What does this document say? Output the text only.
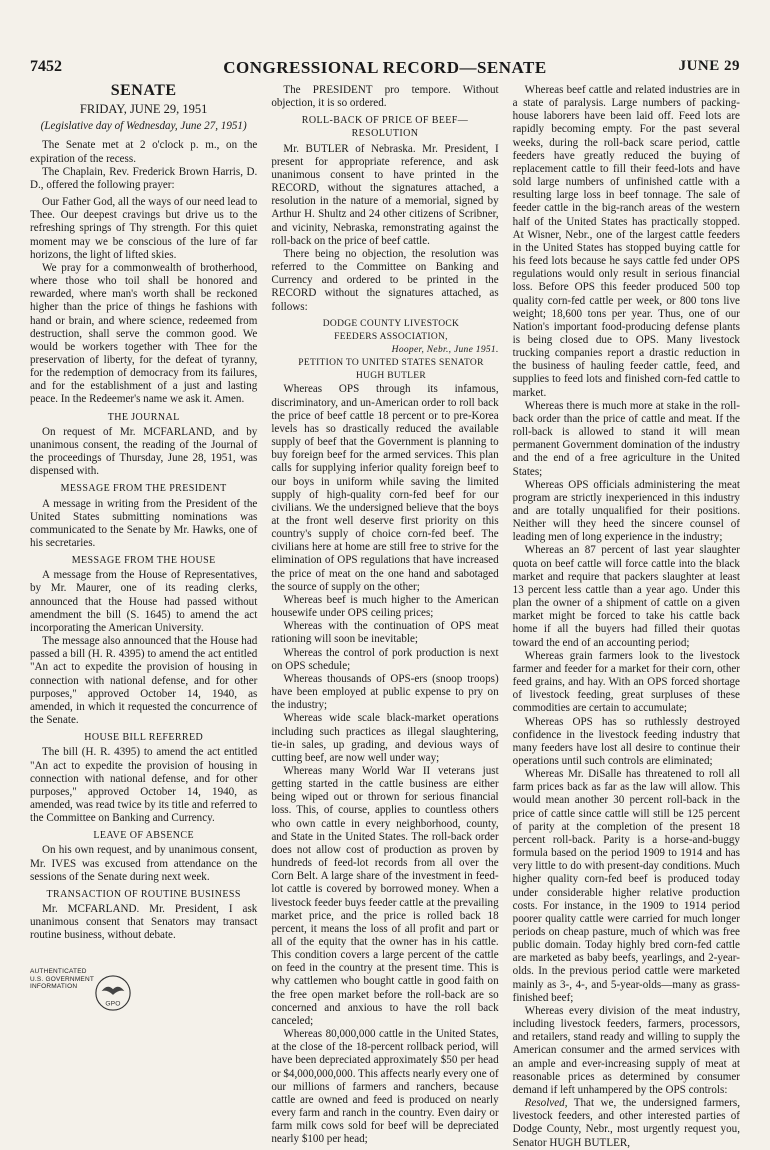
7452	CONGRESSIONAL RECORD—SENATE	JUNE 29
SENATE
FRIDAY, JUNE 29, 1951
(Legislative day of Wednesday, June 27, 1951)

The Senate met at 2 o'clock p. m., on the expiration of the recess.

The Chaplain, Rev. Frederick Brown Harris, D. D., offered the following prayer:

Our Father God, all the ways of our need lead to Thee. Our deepest cravings but drive us to the refreshing springs of Thy strength. For this quiet moment may we be conscious of the lure of far horizons, the light of lifted skies.

We pray for a commonwealth of brotherhood, where those who toil shall be honored and rewarded, where man's worth shall be reckoned higher than the price of things he fashions with hand or brain, and where science, redeemed from destruction, shall serve the common good. We would be workers together with Thee for the preservation of liberty, for the defeat of tyranny, for the redemption of democracy from its failures, and for the establishment of a just and lasting peace. In the Redeemer's name we ask it. Amen.

THE JOURNAL

On request of Mr. MCFARLAND, and by unanimous consent, the reading of the Journal of the proceedings of Thursday, June 28, 1951, was dispensed with.

MESSAGE FROM THE PRESIDENT

A message in writing from the President of the United States submitting nominations was communicated to the Senate by Mr. Hawks, one of his secretaries.

MESSAGE FROM THE HOUSE

A message from the House of Representatives, by Mr. Maurer, one of its reading clerks, announced that the House had passed without amendment the bill (S. 1645) to amend the act incorporating the American University.

The message also announced that the House had passed a bill (H. R. 4395) to amend the act entitled "An act to expedite the provision of housing in connection with national defense, and for other purposes," approved October 14, 1940, as amended, in which it requested the concurrence of the Senate.

HOUSE BILL REFERRED

The bill (H. R. 4395) to amend the act entitled "An act to expedite the provision of housing in connection with national defense, and for other purposes," approved October 14, 1940, as amended, was read twice by its title and referred to the Committee on Banking and Currency.

LEAVE OF ABSENCE

On his own request, and by unanimous consent, Mr. IVES was excused from attendance on the sessions of the Senate during next week.

TRANSACTION OF ROUTINE BUSINESS

Mr. MCFARLAND. Mr. President, I ask unanimous consent that Senators may transact routine business, without debate.

The PRESIDENT pro tempore. Without objection, it is so ordered.

ROLL-BACK OF PRICE OF BEEF—RESOLUTION

Mr. BUTLER of Nebraska. Mr. President, I present for appropriate reference, and ask unanimous consent to have printed in the RECORD, without the signatures attached, a resolution in the nature of a memorial, signed by Arthur H. Shultz and 24 other citizens of Scribner, and vicinity, Nebraska, remonstrating against the roll-back on the price of beef cattle.

There being no objection, the resolution was referred to the Committee on Banking and Currency and ordered to be printed in the RECORD without the signatures attached, as follows:

DODGE COUNTY LIVESTOCK

FEEDERS ASSOCIATION,

Hooper, Nebr., June 1951.

PETITION TO UNITED STATES SENATOR

HUGH BUTLER

Whereas OPS through its infamous, discriminatory, and un-American order to roll back the price of beef cattle 18 percent or to pre-Korea levels has so drastically reduced the available supply of beef that the Government is planning to buy foreign beef for the armed services. This plan calls for supplying inferior quality foreign beef to our boys in uniform while saving the limited supply of high-quality corn-fed beef for our civilians. We the undersigned believe that the boys at the front well deserve first priority on this country's supply of choice corn-fed beef. The civilians here at home are still free to strive for the elimination of OPS regulations that have increased the price of meat on the one hand and sabotaged the source of supply on the other;

Whereas beef is much higher to the American housewife under OPS ceiling prices;

Whereas with the continuation of OPS meat rationing will soon be inevitable;

Whereas the control of pork production is next on OPS schedule;

Whereas thousands of OPS-ers (snoop troops) have been employed at public expense to pry on the industry;

Whereas wide scale black-market operations including such practices as illegal slaughtering, tie-in sales, up grading, and devious ways of cutting beef, are now well under way;

Whereas many World War II veterans just getting started in the cattle business are either being wiped out or thrown for serious financial loss. This, of course, applies to countless others who own cattle in every neighborhood, county, and State in the United States. The roll-back order does not allow cost of production as proven by hundreds of feed-lot records from all over the Corn Belt. A large share of the investment in feed-lot cattle is covered by borrowed money. When a livestock feeder buys feeder cattle at the prevailing market price, and the price is rolled back 18 percent, it means the loss of all profit and part or all of the equity that the owner has in his cattle. This condition covers a large percent of the cattle on feed in the country at the present time. This is why cattlemen who bought cattle in good faith on the free open market before the roll-back are so concerned and anxious to have the roll back canceled;

Whereas 80,000,000 cattle in the United States, at the close of the 18-percent rollback period, will have been depreciated approximately $50 per head or $4,000,000,000. This affects nearly every one of our millions of farmers and ranchers, because cattle are owned and feed is produced on nearly every farm and ranch in the country. Even dairy or farm milk cows sold for beef will be depreciated nearly $100 per head;

Whereas beef cattle and related industries are in a state of paralysis. Large numbers of packing-house laborers have been laid off. Feed lots are rapidly becoming empty. For the past several weeks, during the roll-back scare period, cattle feeders have greatly reduced the buying of replacement cattle to fill their feed-lots and have sold large numbers of unfinished cattle with a resulting large loss in beef tonnage. The sale of feeder cattle in the big-ranch areas of the western half of the United States has practically stopped. At Wisner, Nebr., one of the largest cattle feeders in the United States has stopped buying cattle for his feed lots because he says cattle fed under OPS regulations would only result in serious financial loss. Before OPS this feeder produced 500 top quality corn-fed cattle per week, or 800 tons live weight; 18,600 tons per year. Thus, one of our Nation's important food-producing defense plants is being closed due to OPS. Many livestock trucking companies report a drastic reduction in the business of hauling feeder cattle, feed, and supplies to feed lots and finished corn-fed cattle to market.

Whereas there is much more at stake in the roll-back order than the price of cattle and meat. If the roll-back is allowed to stand it will mean permanent Government domination of the industry and the end of a free agriculture in the United States;

Whereas OPS officials administering the meat program are strictly inexperienced in this industry and are totally unqualified for their positions. Neither will they heed the sincere counsel of leading men of long experience in the industry;

Whereas an 87 percent of last year slaughter quota on beef cattle will force cattle into the black market and require that packers slaughter at least 13 percent less cattle than a year ago. Under this plan the owner of a shipment of cattle on a given market might be forced to take his cattle back home if all the buyers had filled their quotas toward the end of an accounting period;

Whereas grain farmers look to the livestock farmer and feeder for a market for their corn, other feed grains, and hay. With an OPS forced shortage of livestock feeding, great surpluses of these commodities are certain to accumulate;

Whereas OPS has so ruthlessly destroyed confidence in the livestock feeding industry that many feeders have lost all desire to continue their operations until such controls are eliminated;

Whereas Mr. DiSalle has threatened to roll all farm prices back as far as the law will allow. This would mean another 30 percent roll-back in the price of cattle since cattle will still be 125 percent of parity at the completion of the present 18 percent roll-back. Parity is a horse-and-buggy formula based on the period 1909 to 1914 and has very little to do with present-day conditions. Much higher quality corn-fed beef is produced today under considerable higher relative production costs. For instance, in the 1909 to 1914 period poorer quality cattle were carried for much longer periods on cheap pasture, much of which was free public domain. Today highly bred corn-fed cattle are marketed as baby beefs, yearlings, and 2-year-olds. In the previous period cattle were marketed mainly as 3-, 4-, and 5-year-olds—many as grass-finished beef;

Whereas every division of the meat industry, including livestock feeders, farmers, processors, and retailers, stand ready and willing to supply the American consumer and the armed services with an ample and ever-increasing supply of meat at reasonable prices as determined by consumer demand if left unhampered by the OPS controls:

Resolved, That we, the undersigned farmers, livestock feeders, and other interested parties of Dodge County, Nebr., most urgently request you, Senator HUGH BUTLER,

AUTHENTICATED
U.S. GOVERNMENT
INFORMATION
GPO
